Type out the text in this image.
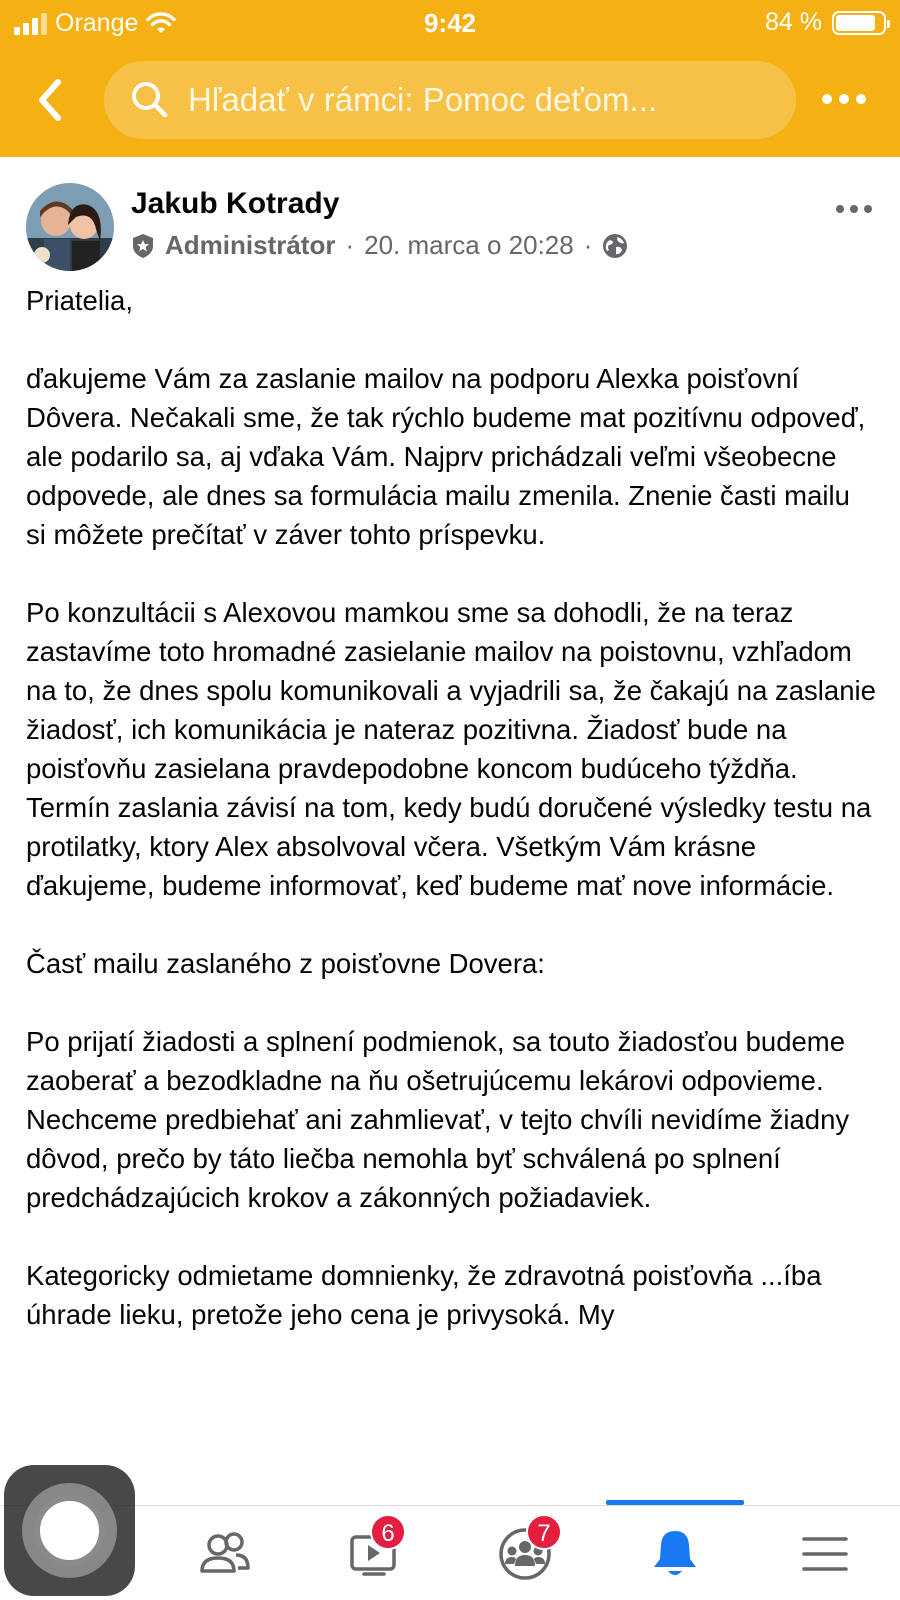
Orange	9:42	84 %
Hľadať v rámci: Pomoc deťom...
Jakub Kotrady
Administrátor · 20. marca o 20:28 ·

Priatelia,

ďakujeme Vám za zaslanie mailov na podporu Alexka poisťovní Dôvera. Nečakali sme, že tak rýchlo budeme mat pozitívnu odpoveď, ale podarilo sa, aj vďaka Vám. Najprv prichádzali veľmi všeobecne odpovede, ale dnes sa formulácia mailu zmenila. Znenie časti mailu si môžete prečítať v záver tohto príspevku.

Po konzultácii s Alexovou mamkou sme sa dohodli, že na teraz zastavíme toto hromadné zasielanie mailov na poistovnu, vzhľadom na to, že dnes spolu komunikovali a vyjadrili sa, že čakajú na zaslanie žiadosť, ich komunikácia je nateraz pozitivna. Žiadosť bude na poisťovňu zasielana pravdepodobne koncom budúceho týždňa. Termín zaslania závisí na tom, kedy budú doručené výsledky testu na protilatky, ktory Alex absolvoval včera. Všetkým Vám krásne ďakujeme, budeme informovať, keď budeme mať nove informácie.

Časť mailu zaslaného z poisťovne Dovera:

Po prijatí žiadosti a splnení podmienok, sa touto žiadosťou budeme zaoberať a bezodkladne na ňu ošetrujúcemu lekárovi odpovieme. Nechceme predbiehať ani zahmlievať, v tejto chvíli nevidíme žiadny dôvod, prečo by táto liečba nemohla byť schválená po splnení predchádzajúcich krokov a zákonných požiadaviek.

Kategoricky odmietame domnienky, že zdravotná poisťovňa ...íba úhrade lieku, pretože jeho cena je privysoká. My

6	7
